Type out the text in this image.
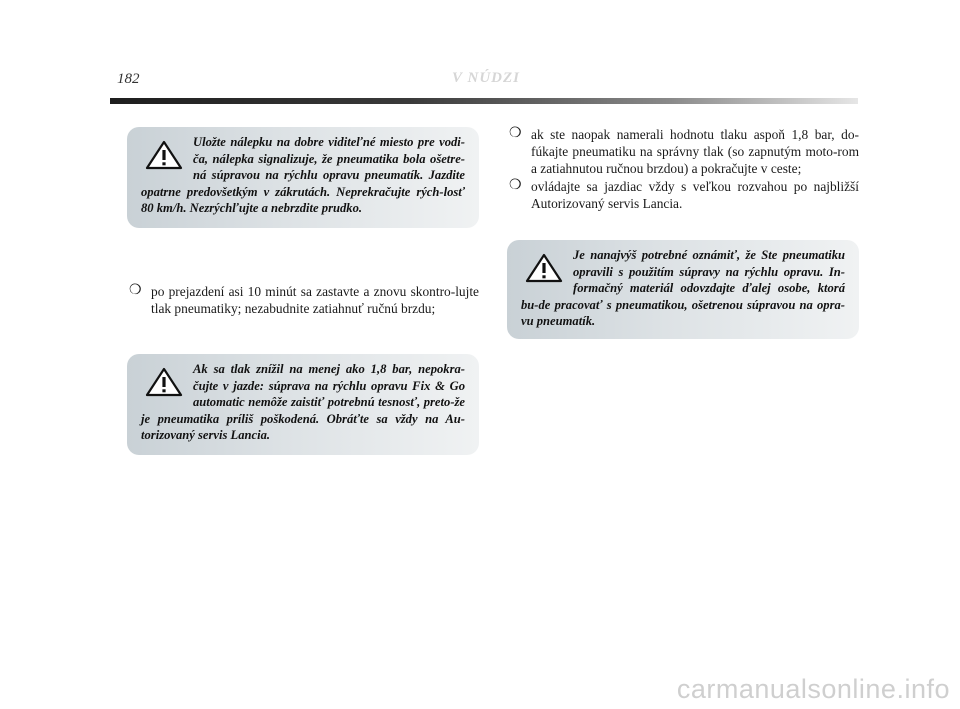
182	V NÚDZI
Uložte nálepku na dobre viditeľné miesto pre vodi-ča, nálepka signalizuje, že pneumatika bola ošetre-ná súpravou na rýchlu opravu pneumatík. Jazdite opatrne predovšetkým v zákrutách. Neprekračujte rých-losť 80 km/h. Nezrýchľujte a nebrzdite prudko.
❍ po prejazdení asi 10 minút sa zastavte a znovu skontro-lujte tlak pneumatiky; nezabudnite zatiahnuť ručnú brzdu;
Ak sa tlak znížil na menej ako 1,8 bar, nepokra-čujte v jazde: súprava na rýchlu opravu Fix & Go automatic nemôže zaistiť potrebnú tesnosť, preto-že je pneumatika príliš poškodená. Obráťte sa vždy na Au-torizovaný servis Lancia.
❍ ak ste naopak namerali hodnotu tlaku aspoň 1,8 bar, do-fúkajte pneumatiku na správny tlak (so zapnutým moto-rom a zatiahnutou ručnou brzdou) a pokračujte v ceste;
❍ ovládajte sa jazdiac vždy s veľkou rozvahou po najbližší Autorizovaný servis Lancia.
Je nanajvýš potrebné oznámiť, že Ste pneumatiku opravili s použitím súpravy na rýchlu opravu. In-formačný materiál odovzdajte ďalej osobe, ktorá bu-de pracovať s pneumatikou, ošetrenou súpravou na opra-vu pneumatík.
carmanualsonline.info
